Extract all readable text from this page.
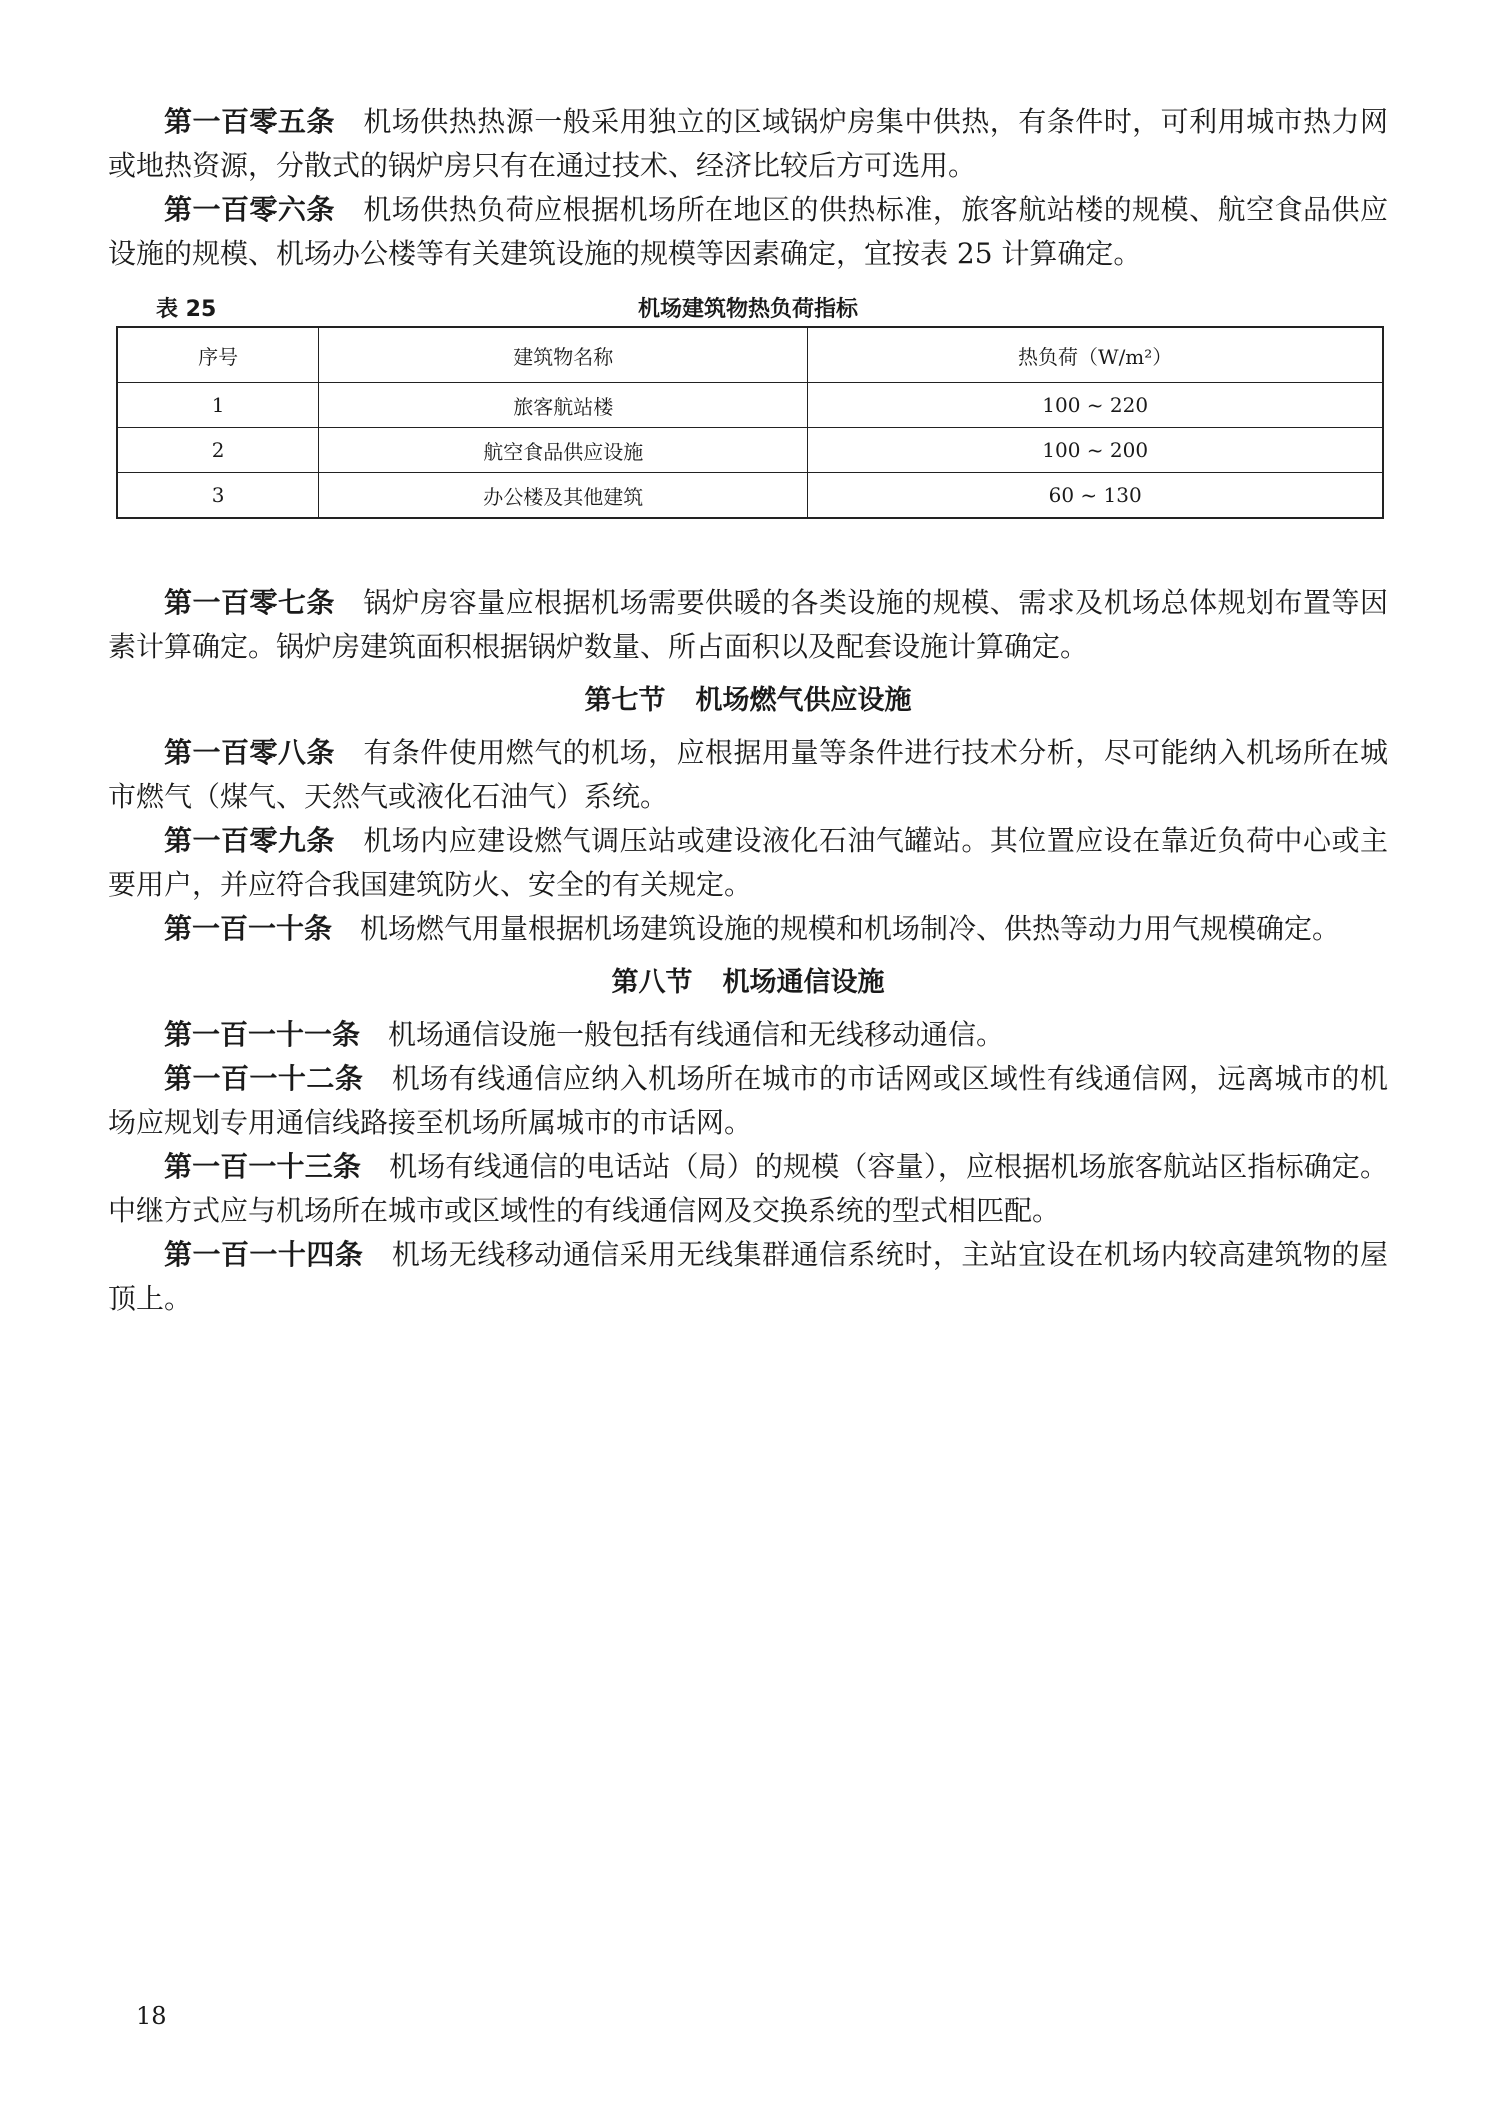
第一百零五条 机场供热热源一般采用独立的区域锅炉房集中供热，有条件时，可利用城市热力网或地热资源，分散式的锅炉房只有在通过技术、经济比较后方可选用。

第一百零六条 机场供热负荷应根据机场所在地区的供热标准，旅客航站楼的规模、航空食品供应设施的规模、机场办公楼等有关建筑设施的规模等因素确定，宜按表 25 计算确定。

表 25	机场建筑物热负荷指标
序号	建筑物名称	热负荷（W/m²）
1	旅客航站楼	100 ~ 220
2	航空食品供应设施	100 ~ 200
3	办公楼及其他建筑	60 ~ 130

第一百零七条 锅炉房容量应根据机场需要供暖的各类设施的规模、需求及机场总体规划布置等因素计算确定。锅炉房建筑面积根据锅炉数量、所占面积以及配套设施计算确定。

第七节 机场燃气供应设施

第一百零八条 有条件使用燃气的机场，应根据用量等条件进行技术分析，尽可能纳入机场所在城市燃气（煤气、天然气或液化石油气）系统。

第一百零九条 机场内应建设燃气调压站或建设液化石油气罐站。其位置应设在靠近负荷中心或主要用户，并应符合我国建筑防火、安全的有关规定。

第一百一十条 机场燃气用量根据机场建筑设施的规模和机场制冷、供热等动力用气规模确定。

第八节 机场通信设施

第一百一十一条 机场通信设施一般包括有线通信和无线移动通信。

第一百一十二条 机场有线通信应纳入机场所在城市的市话网或区域性有线通信网，远离城市的机场应规划专用通信线路接至机场所属城市的市话网。

第一百一十三条 机场有线通信的电话站（局）的规模（容量），应根据机场旅客航站区指标确定。中继方式应与机场所在城市或区域性的有线通信网及交换系统的型式相匹配。

第一百一十四条 机场无线移动通信采用无线集群通信系统时，主站宜设在机场内较高建筑物的屋顶上。

18
